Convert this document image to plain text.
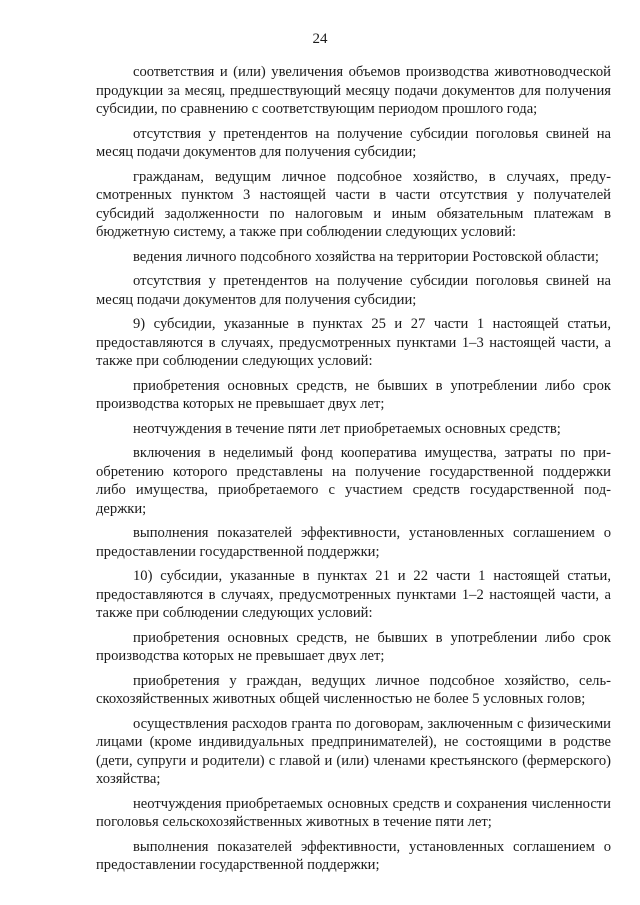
24

соответствия и (или) увеличения объемов производства животноводческой продукции за месяц, предшествующий месяцу подачи документов для получения субсидии, по сравнению с соответствующим периодом прошлого года;

отсутствия у претендентов на получение субсидии поголовья свиней на месяц подачи документов для получения субсидии;

гражданам, ведущим личное подсобное хозяйство, в случаях, предусмотренных пунктом 3 настоящей части в части отсутствия у получателей субсидий задолженности по налоговым и иным обязательным платежам в бюджетную систему, а также при соблюдении следующих условий:

ведения личного подсобного хозяйства на территории Ростовской области;

отсутствия у претендентов на получение субсидии поголовья свиней на месяц подачи документов для получения субсидии;

9) субсидии, указанные в пунктах 25 и 27 части 1 настоящей статьи, предоставляются в случаях, предусмотренных пунктами 1–3 настоящей части, а также при соблюдении следующих условий:

приобретения основных средств, не бывших в употреблении либо срок производства которых не превышает двух лет;

неотчуждения в течение пяти лет приобретаемых основных средств;

включения в неделимый фонд кооператива имущества, затраты по приобретению которого представлены на получение государственной поддержки либо имущества, приобретаемого с участием средств государственной поддержки;

выполнения показателей эффективности, установленных соглашением о предоставлении государственной поддержки;

10) субсидии, указанные в пунктах 21 и 22 части 1 настоящей статьи, предоставляются в случаях, предусмотренных пунктами 1–2 настоящей части, а также при соблюдении следующих условий:

приобретения основных средств, не бывших в употреблении либо срок производства которых не превышает двух лет;

приобретения у граждан, ведущих личное подсобное хозяйство, сельскохозяйственных животных общей численностью не более 5 условных голов;

осуществления расходов гранта по договорам, заключенным с физическими лицами (кроме индивидуальных предпринимателей), не состоящими в родстве (дети, супруги и родители) с главой и (или) членами крестьянского (фермерского) хозяйства;

неотчуждения приобретаемых основных средств и сохранения численности поголовья сельскохозяйственных животных в течение пяти лет;

выполнения показателей эффективности, установленных соглашением о предоставлении государственной поддержки;
